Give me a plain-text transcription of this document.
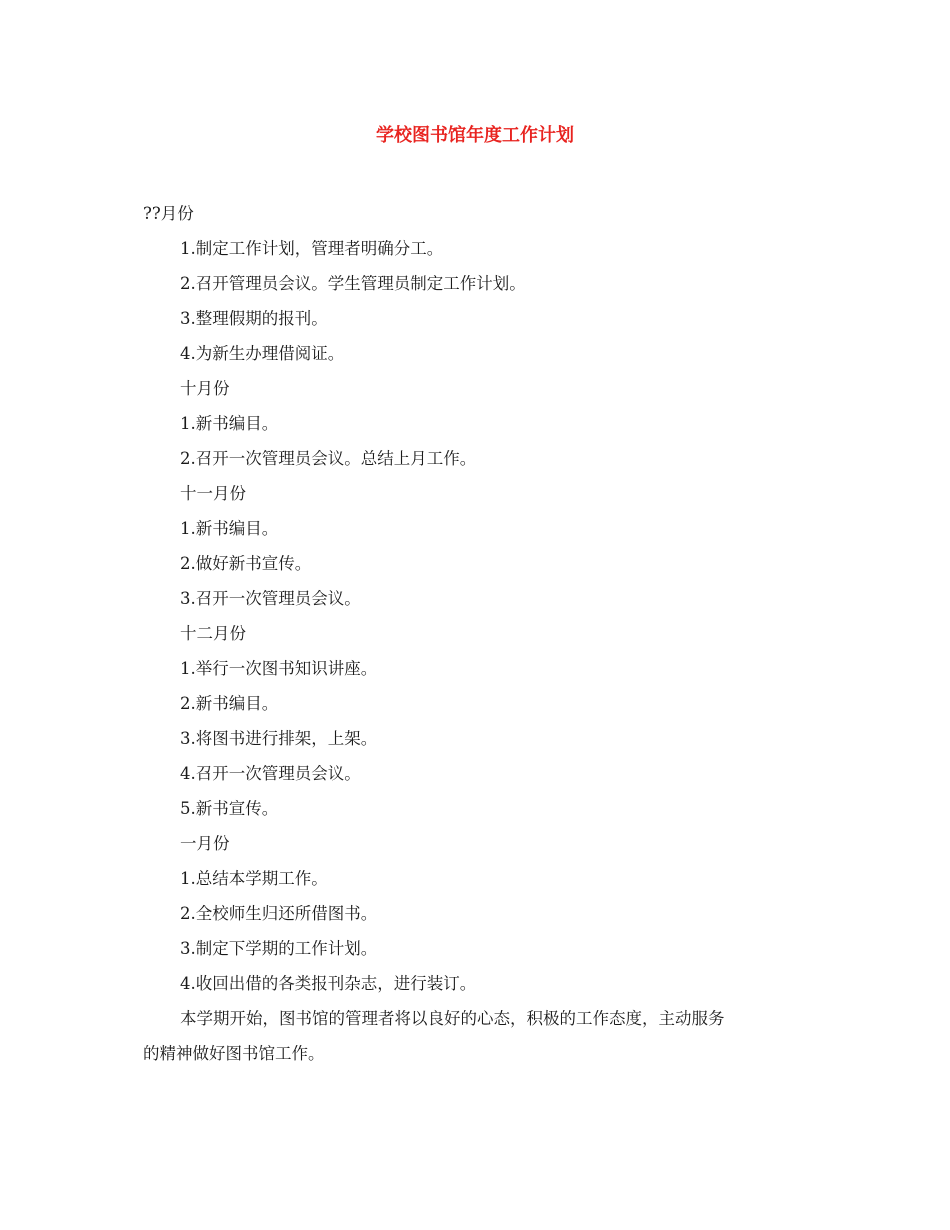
学校图书馆年度工作计划
??月份
1.制定工作计划，管理者明确分工。
2.召开管理员会议。学生管理员制定工作计划。
3.整理假期的报刊。
4.为新生办理借阅证。
十月份
1.新书编目。
2.召开一次管理员会议。总结上月工作。
十一月份
1.新书编目。
2.做好新书宣传。
3.召开一次管理员会议。
十二月份
1.举行一次图书知识讲座。
2.新书编目。
3.将图书进行排架，上架。
4.召开一次管理员会议。
5.新书宣传。
一月份
1.总结本学期工作。
2.全校师生归还所借图书。
3.制定下学期的工作计划。
4.收回出借的各类报刊杂志，进行装订。
本学期开始，图书馆的管理者将以良好的心态，积极的工作态度，主动服务
的精神做好图书馆工作。
